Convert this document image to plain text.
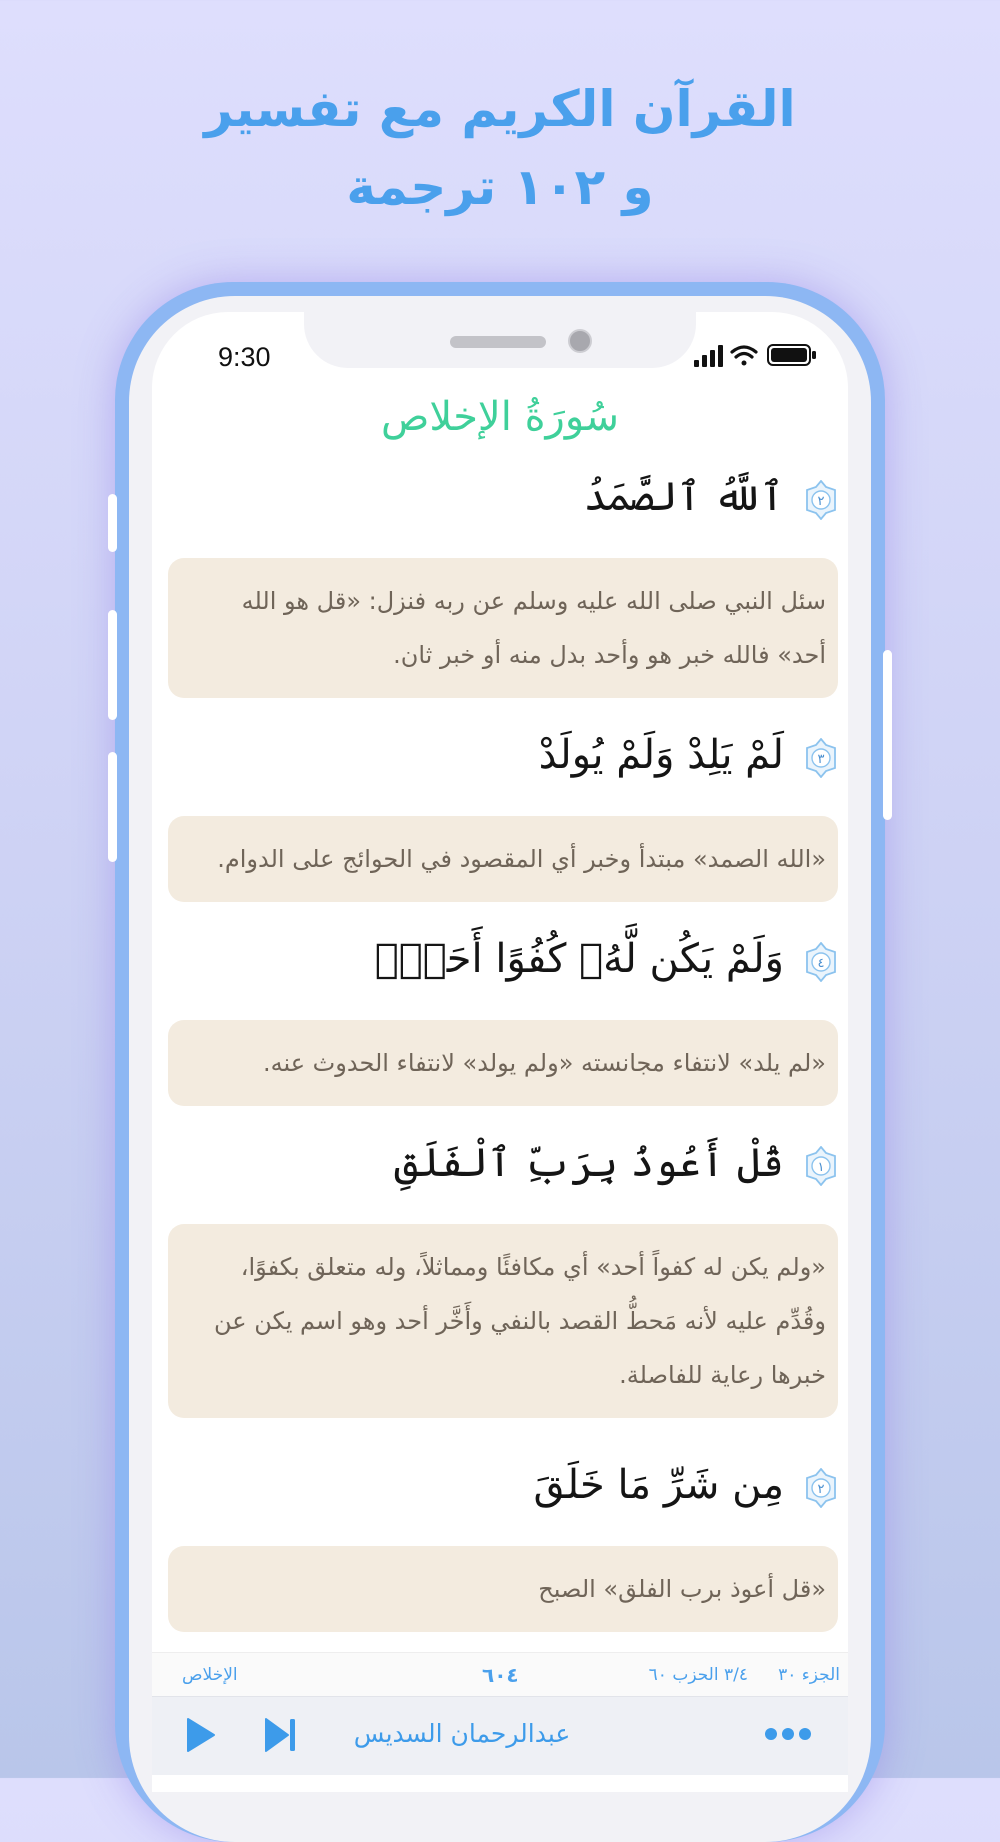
القرآن الكريم مع تفسير
و ١٠٢ ترجمة
9:30
سُورَةُ الإخلاص
٢
ٱللَّهُ ٱلصَّمَدُ
سئل النبي صلى الله عليه وسلم عن ربه فنزل: «قل هو الله أحد» فالله خبر هو وأحد بدل منه أو خبر ثان.
٣
لَمْ يَلِدْ وَلَمْ يُولَدْ
«الله الصمد» مبتدأ وخبر أي المقصود في الحوائج على الدوام.
٤
وَلَمْ يَكُن لَّهُۥ كُفُوًا أَحَدٌۢ
«لم يلد» لانتفاء مجانسته «ولم يولد» لانتفاء الحدوث عنه.
١
قُلْ أَعُوذُ بِرَبِّ ٱلْفَلَقِ
«ولم يكن له كفواً أحد» أي مكافئًا ومماثلاً، وله متعلق بكفوًا، وقُدِّم عليه لأنه مَحطُّ القصد بالنفي وأَخَّر أحد وهو اسم يكن عن خبرها رعاية للفاصلة.
٢
مِن شَرِّ مَا خَلَقَ
«قل أعوذ برب الفلق» الصبح
الجزء ٣٠
٣/٤ الحزب ٦٠
٦٠٤
الإخلاص
عبدالرحمان السديس
